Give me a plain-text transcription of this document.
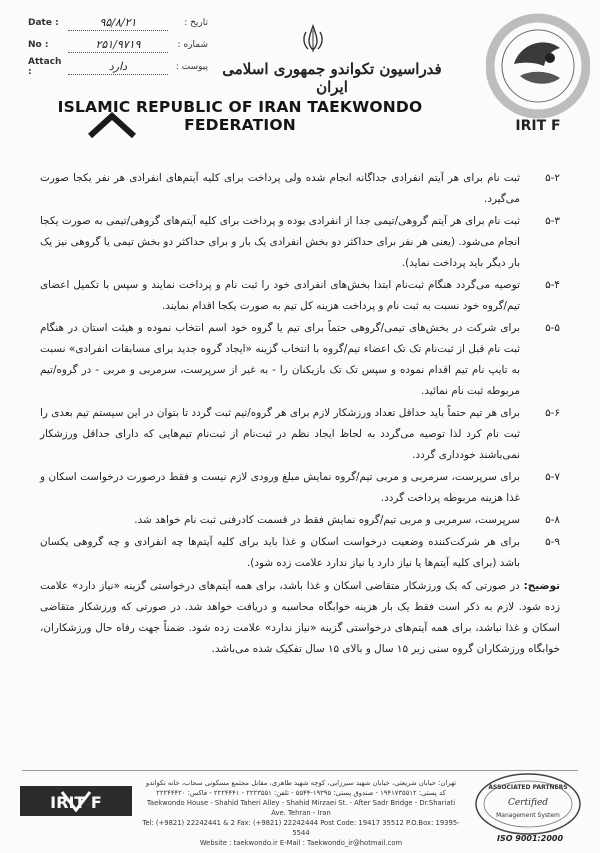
Date :	۹۵/۸/۲۱	تاریخ :
No :	۲۵۱/۹۷۱۹	شماره :
Attach :	دارد	پیوست : فدراسیون تکواندو جمهوری اسلامی ایران
IRIT F
ISLAMIC REPUBLIC OF IRAN TAEKWONDO FEDERATION
۵-۲
ثبت نام برای هر آیتم انفرادی جداگانه انجام شده ولی پرداخت برای کلیه آیتم‌های انفرادی هر نفر یکجا صورت می‌گیرد.
۵-۳
ثبت نام برای هر آیتم گروهی/تیمی جدا از انفرادی بوده و پرداخت برای کلیه آیتم‌های گروهی/تیمی به صورت یکجا انجام می‌شود. (یعنی هر نفر برای حداکثر دو بخش انفرادی یک بار و برای حداکثر دو بخش تیمی یا گروهی نیز یک بار دیگر باید پرداخت نماید).
۵-۴
توصیه می‌گردد هنگام ثبت‌نام ابتدا بخش‌های انفرادی خود را ثبت نام و پرداخت نمایند و سپس با تکمیل اعضای تیم/گروه خود نسبت به ثبت نام و پرداخت هزینه کل تیم به صورت یکجا اقدام نمایند.
۵-۵
برای شرکت در بخش‌های تیمی/گروهی حتماً برای تیم یا گروه خود اسم انتخاب نموده و هیئت استان در هنگام ثبت نام قبل از ثبت‌نام تک تک اعضاء تیم/گروه با انتخاب گزینه «ایجاد گروه جدید برای مسابقات انفرادی» نسبت به تایپ نام تیم اقدام نموده و سپس تک تک بازیکنان را - به غیر از سرپرست، سرمربی و مربی - در گروه/تیم مربوطه ثبت نام نمائید.
۵-۶
برای هر تیم حتماً باید حداقل تعداد ورزشکار لازم برای هر گروه/تیم ثبت گردد تا بتوان در این سیستم تیم بعدی را ثبت نام کرد لذا توصیه می‌گردد به لحاظ ایجاد نظم در ثبت‌نام از ثبت‌نام تیم‌هایی که دارای حداقل ورزشکار نمی‌باشند خودداری گردد.
۵-۷
برای سرپرست، سرمربی و مربی تیم/گروه نمایش مبلغ ورودی لازم نیست و فقط درصورت درخواست اسکان و غذا هزینه مربوطه پرداخت گردد.
۵-۸
سرپرست، سرمربی و مربی تیم/گروه نمایش فقط در قسمت کادرفنی ثبت نام خواهد شد.
۵-۹
برای هر شرکت‌کننده وضعیت درخواست اسکان و غذا باید برای کلیه آیتم‌ها چه انفرادی و چه گروهی یکسان باشد (برای کلیه آیتم‌ها یا نیاز دارد یا نیاز ندارد علامت زده شود).
توضیح: در صورتی که یک ورزشکار متقاضی اسکان و غذا باشد، برای همه آیتم‌های درخواستی گزینه «نیاز دارد» علامت زده شود. لازم به ذکر است فقط یک بار هزینه خوابگاه محاسبه و دریافت خواهد شد. در صورتی که ورزشکار متقاضی اسکان و غذا نباشد، برای همه آیتم‌های درخواستی گزینه «نیاز ندارد» علامت زده شود. ضمناً جهت رفاه حال ورزشکاران، خوابگاه ورزشکاران گروه سنی زیر ۱۵ سال و بالای ۱۵ سال تفکیک شده می‌باشد.
IRIT F
تهران: خیابان شریعتی، خیابان شهید سیرزایی، کوچه شهید طاهری، مقابل مجتمع مسکونی سحاب، خانه تکواندو
کد پستی: ۱۹۴۱۷۳۵۵۱۲ - صندوق پستی: ۱۹۳۹۵-۵۵۴۴ - تلفن: ۲۲۲۳۵۵۱ - ۲۲۲۴۴۴۱ - فاکس: ۲۲۲۴۴۴۲۰
Taekwondo House - Shahid Taheri Alley - Shahid Mirzaei St. - After Sadr Bridge - Dr.Shariati Ave. Tehran - Iran
Tel: (+9821) 22242441 & 2 Fax: (+9821) 22242444 Post Code: 19417 35512 P.O.Box: 19395-5544
Website : taekwondo.ir E-Mail : Taekwondo_ir@hotmail.com
ASSOCIATED PARTNERS
Certified
Management System
ISO 9001:2000
